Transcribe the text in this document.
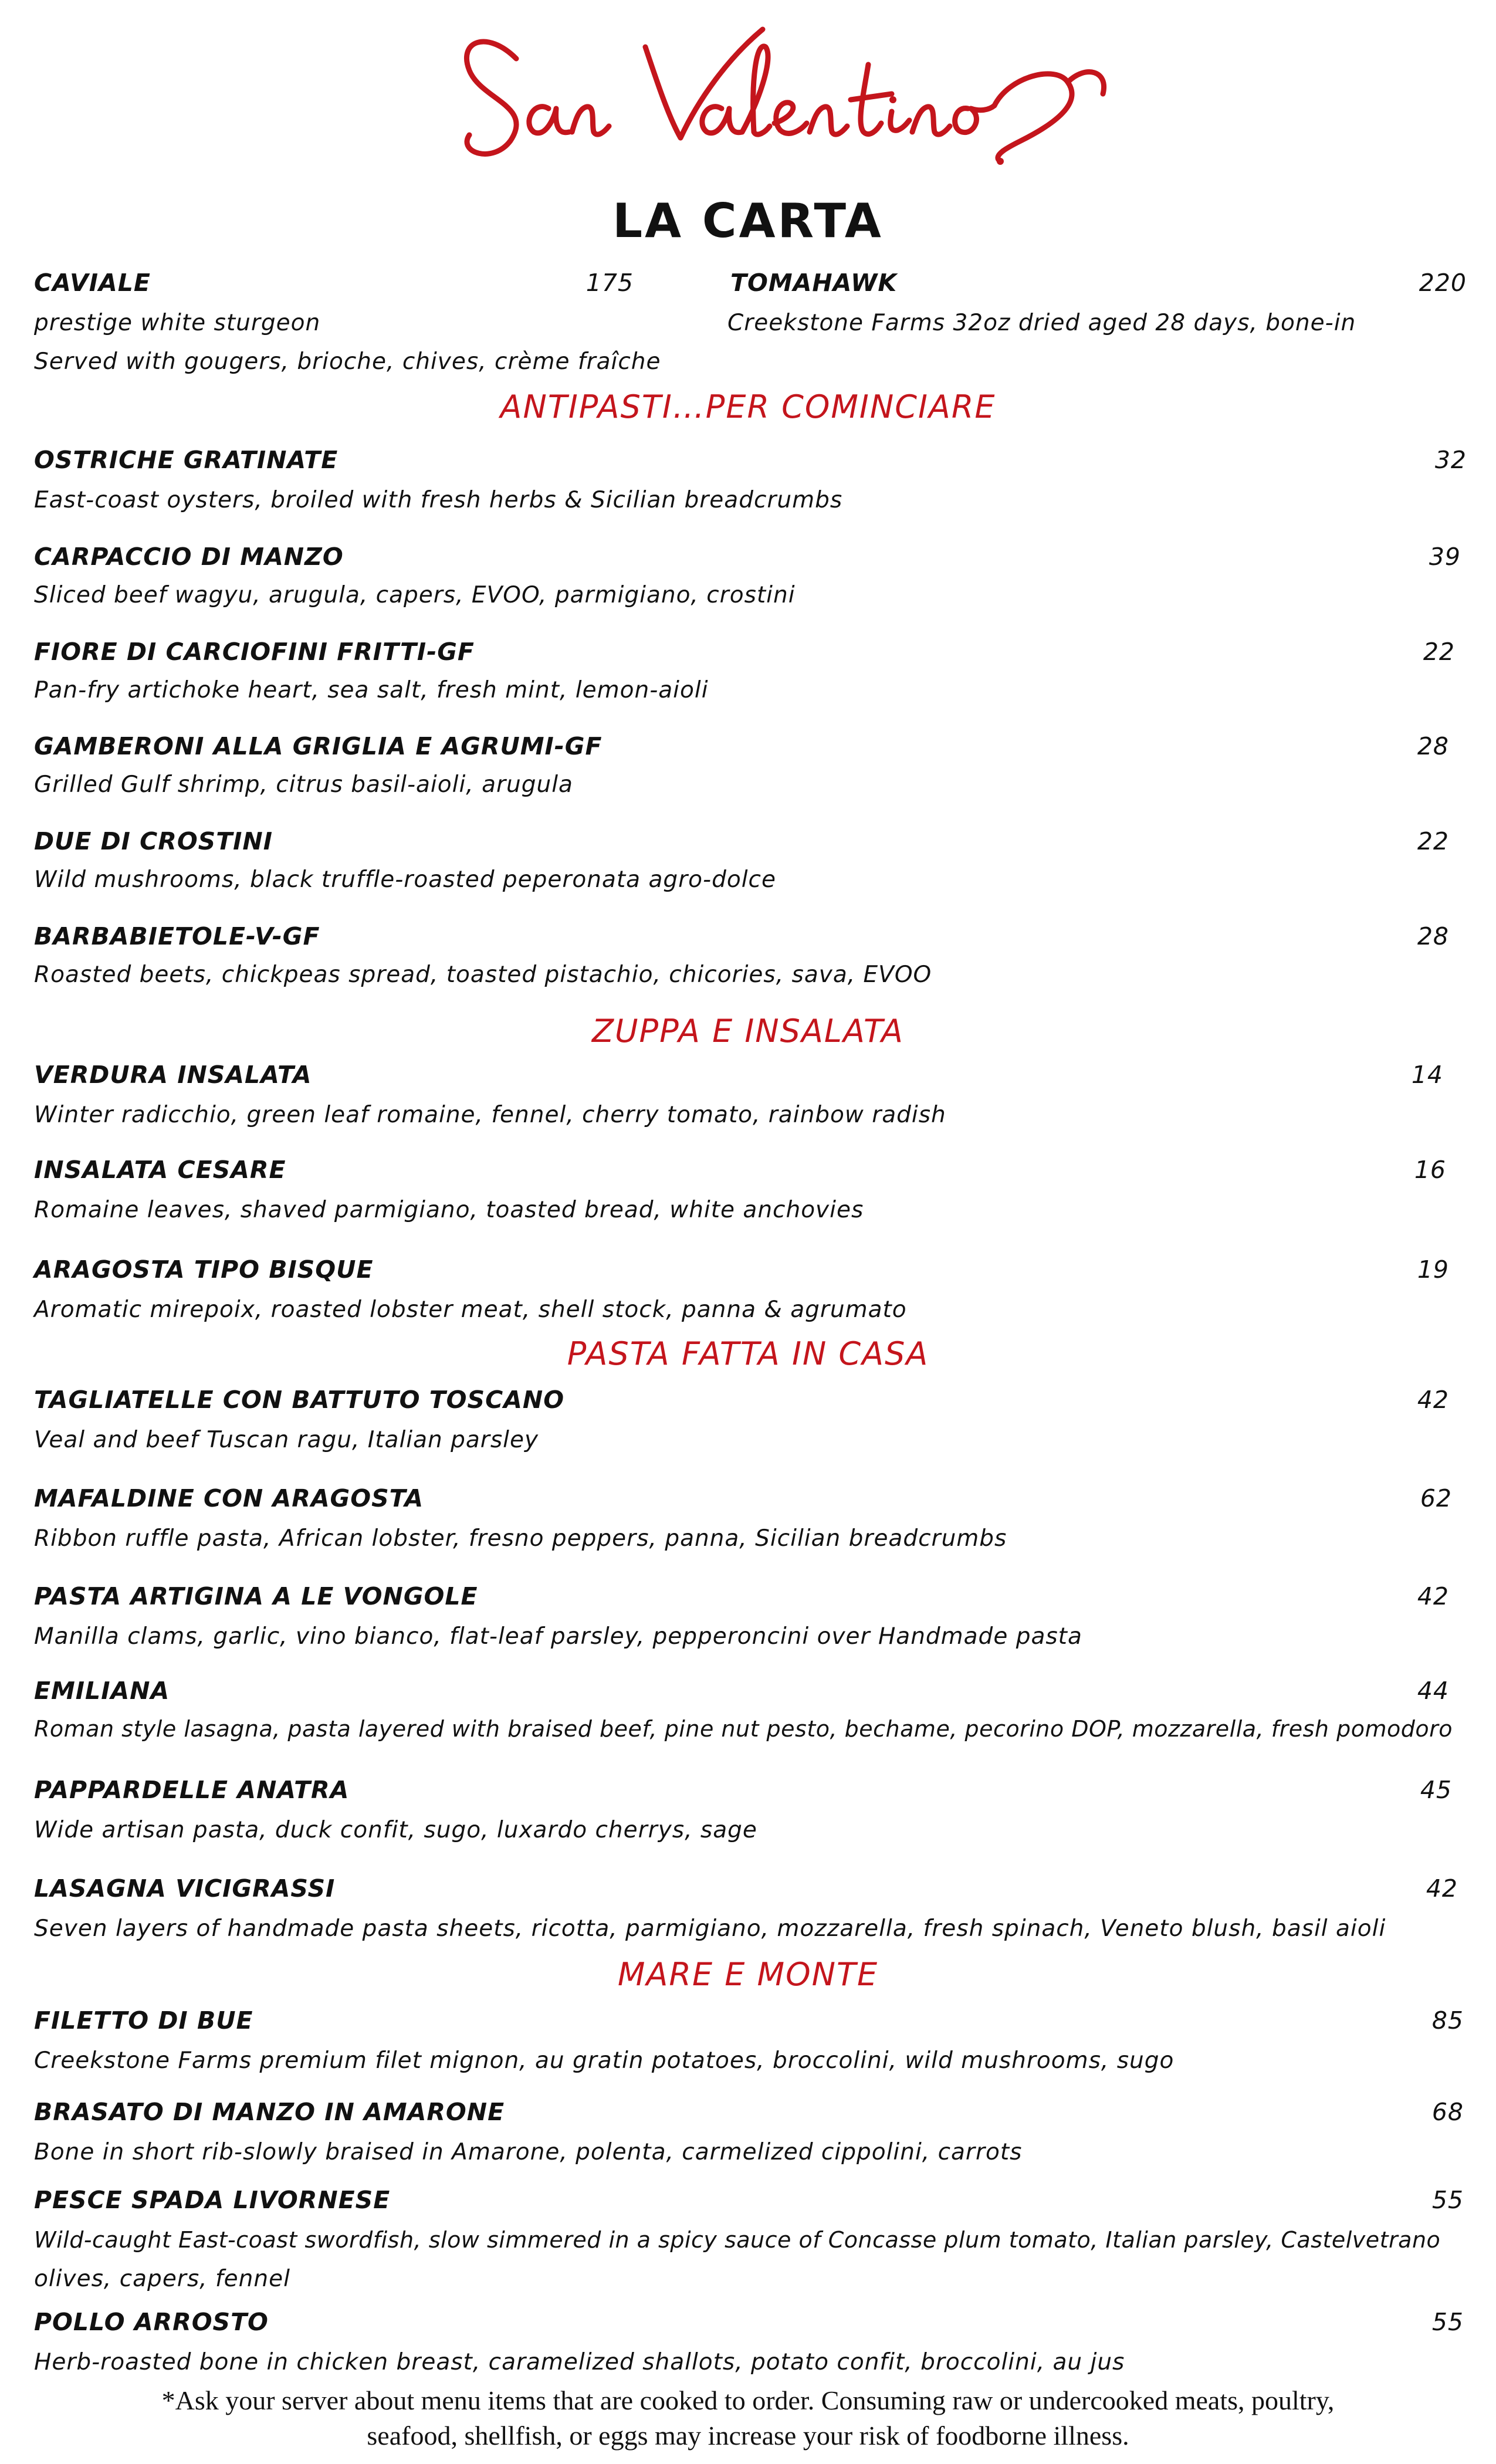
LA CARTA
CAVIALE	175
prestige white sturgeon
Served with gougers, brioche, chives, crème fraîche
TOMAHAWK	220
Creekstone Farms 32oz dried aged 28 days, bone-in
ANTIPASTI…PER COMINCIARE
OSTRICHE GRATINATE	32
East-coast oysters, broiled with fresh herbs & Sicilian breadcrumbs
CARPACCIO DI MANZO	39
Sliced beef wagyu, arugula, capers, EVOO, parmigiano, crostini
FIORE DI CARCIOFINI FRITTI-GF	22
Pan-fry artichoke heart, sea salt, fresh mint, lemon-aioli
GAMBERONI ALLA GRIGLIA E AGRUMI-GF	28
Grilled Gulf shrimp, citrus basil-aioli, arugula
DUE DI CROSTINI	22
Wild mushrooms, black truffle-roasted peperonata agro-dolce
BARBABIETOLE-V-GF	28
Roasted beets, chickpeas spread, toasted pistachio, chicories, sava, EVOO
ZUPPA E INSALATA
VERDURA INSALATA	14
Winter radicchio, green leaf romaine, fennel, cherry tomato, rainbow radish
INSALATA CESARE	16
Romaine leaves, shaved parmigiano, toasted bread, white anchovies
ARAGOSTA TIPO BISQUE	19
Aromatic mirepoix, roasted lobster meat, shell stock, panna & agrumato
PASTA FATTA IN CASA
TAGLIATELLE CON BATTUTO TOSCANO	42
Veal and beef Tuscan ragu, Italian parsley
MAFALDINE CON ARAGOSTA	62
Ribbon ruffle pasta, African lobster, fresno peppers, panna, Sicilian breadcrumbs
PASTA ARTIGINA A LE VONGOLE	42
Manilla clams, garlic, vino bianco, flat-leaf parsley, pepperoncini over Handmade pasta
EMILIANA	44
Roman style lasagna, pasta layered with braised beef, pine nut pesto, bechame, pecorino DOP, mozzarella, fresh pomodoro
PAPPARDELLE ANATRA	45
Wide artisan pasta, duck confit, sugo, luxardo cherrys, sage
LASAGNA VICIGRASSI	42
Seven layers of handmade pasta sheets, ricotta, parmigiano, mozzarella, fresh spinach, Veneto blush, basil aioli
MARE E MONTE
FILETTO DI BUE	85
Creekstone Farms premium filet mignon, au gratin potatoes, broccolini, wild mushrooms, sugo
BRASATO DI MANZO IN AMARONE	68
Bone in short rib-slowly braised in Amarone, polenta, carmelized cippolini, carrots
PESCE SPADA LIVORNESE	55
Wild-caught East-coast swordfish, slow simmered in a spicy sauce of Concasse plum tomato, Italian parsley, Castelvetrano
olives, capers, fennel
POLLO ARROSTO	55
Herb-roasted bone in chicken breast, caramelized shallots, potato confit, broccolini, au jus
*Ask your server about menu items that are cooked to order. Consuming raw or undercooked meats, poultry,
seafood, shellfish, or eggs may increase your risk of foodborne illness.
